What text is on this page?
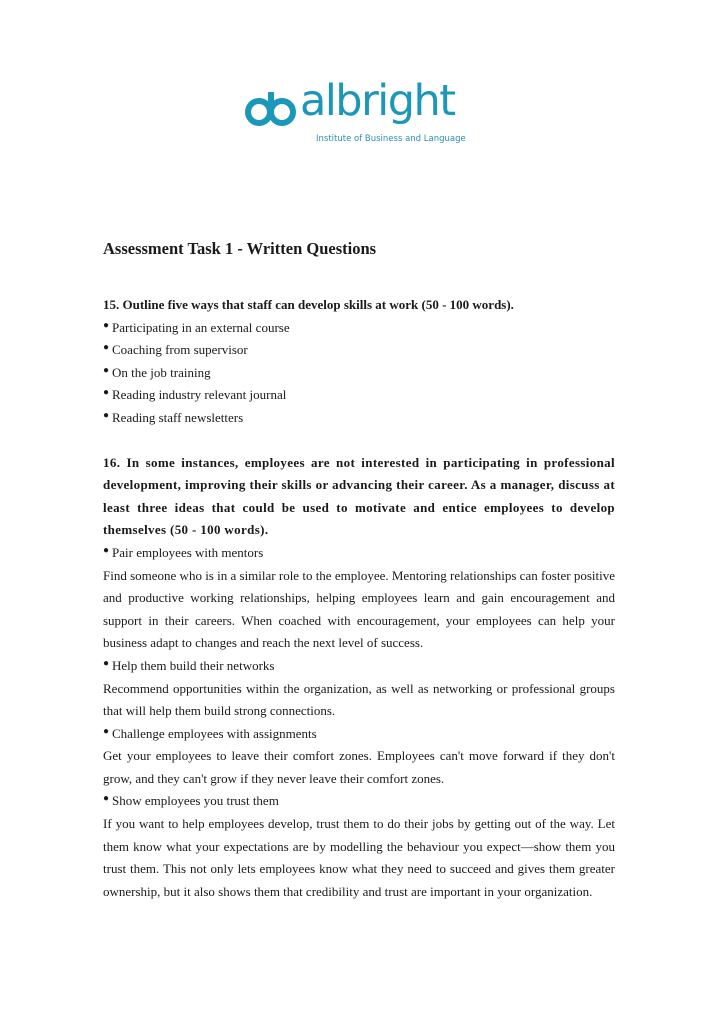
albright
Institute of Business and Language
Assessment Task 1 - Written Questions

15. Outline five ways that staff can develop skills at work (50 - 100 words).

● Participating in an external course
● Coaching from supervisor
● On the job training
● Reading industry relevant journal
● Reading staff newsletters

16. In some instances, employees are not interested in participating in professional development, improving their skills or advancing their career. As a manager, discuss at least three ideas that could be used to motivate and entice employees to develop themselves (50 - 100 words).

● Pair employees with mentors

Find someone who is in a similar role to the employee. Mentoring relationships can foster positive and productive working relationships, helping employees learn and gain encouragement and support in their careers. When coached with encouragement, your employees can help your business adapt to changes and reach the next level of success.

● Help them build their networks

Recommend opportunities within the organization, as well as networking or professional groups that will help them build strong connections.

● Challenge employees with assignments

Get your employees to leave their comfort zones. Employees can't move forward if they don't grow, and they can't grow if they never leave their comfort zones.

● Show employees you trust them

If you want to help employees develop, trust them to do their jobs by getting out of the way. Let them know what your expectations are by modelling the behaviour you expect—show them you trust them. This not only lets employees know what they need to succeed and gives them greater ownership, but it also shows them that credibility and trust are important in your organization.
